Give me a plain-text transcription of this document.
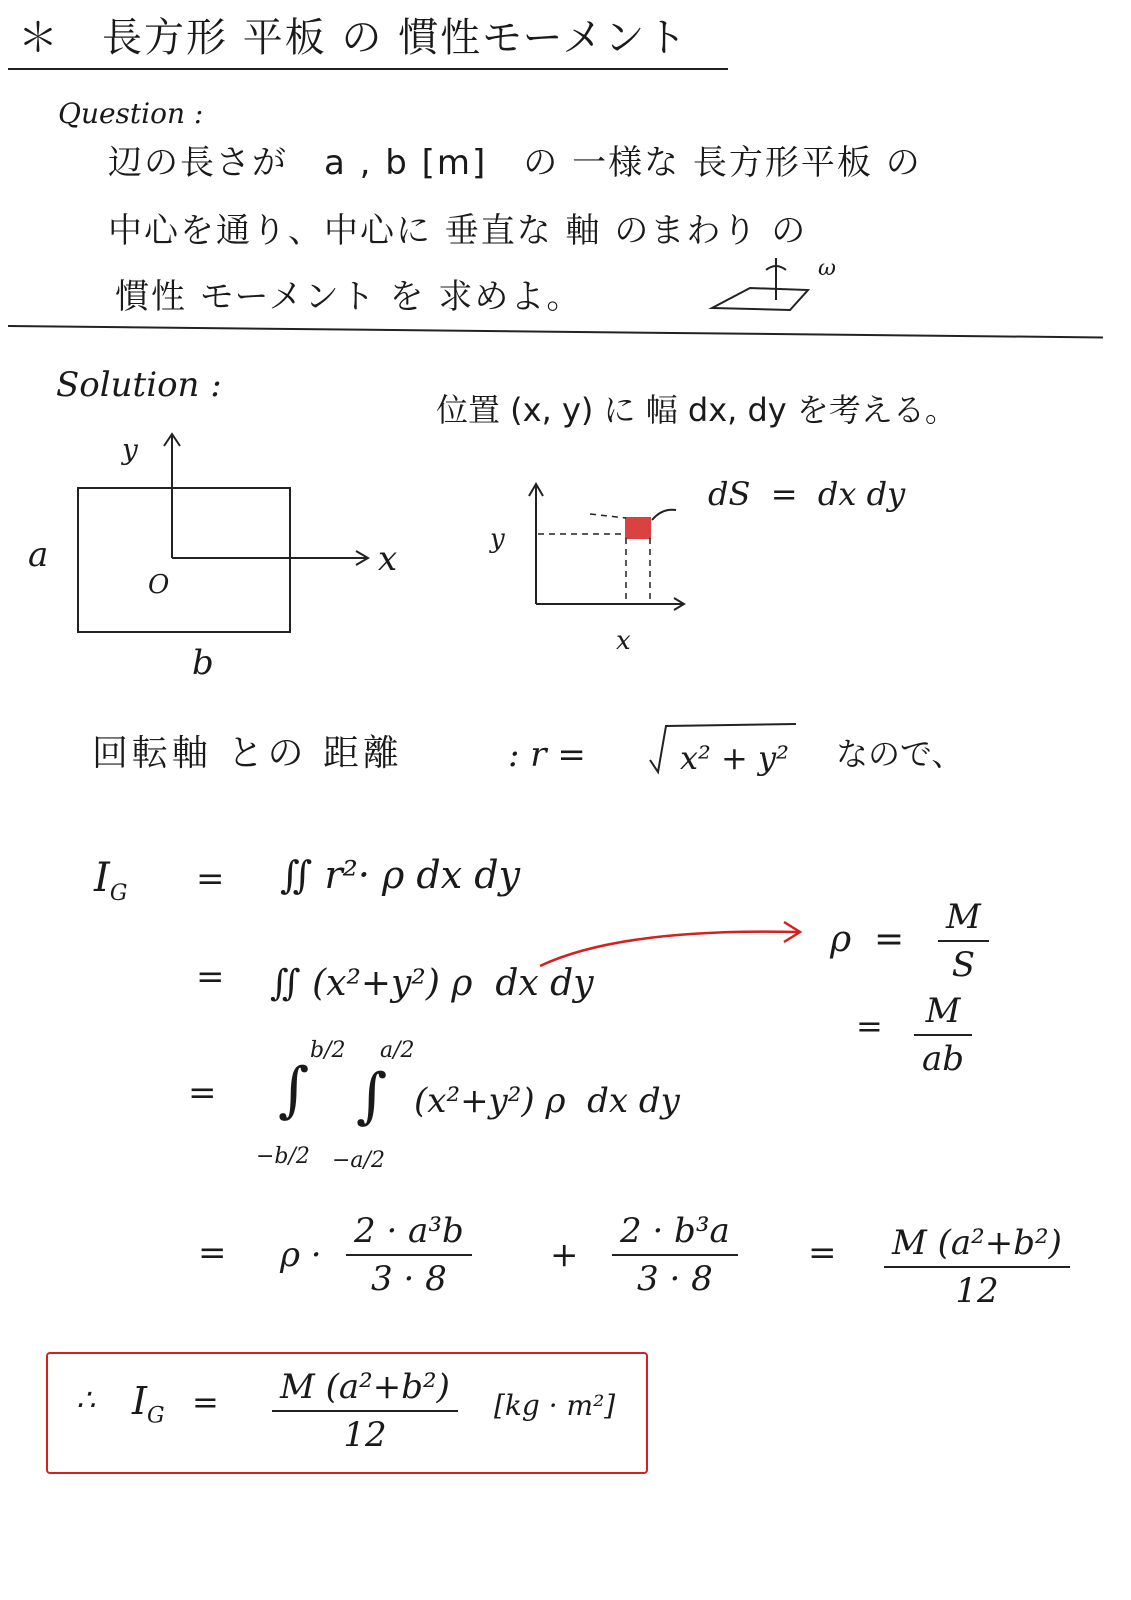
＊　長方形 平板 の 慣性モーメント
Question :
辺の長さが　a , b [m]　の 一様な 長方形平板 の
中心を通り、中心に 垂直な 軸 のまわり の
慣性 モーメント を 求めよ。
ω
Solution :
y
x
O
a
b
位置 (x, y) に 幅 dx, dy を考える。
y
x
dS  =  dx dy
回転軸 との 距離	: r =	x² + y² なので、
$I_G$ = ∬ r²· ρ dx dy
= ∬ (x²+y²) ρ  dx dy
ρ  =
M
S
= M
ab
= ∫
b/2
−b/2
∫
a/2
−a/2
(x²+y²) ρ  dx dy
= ρ ·
2 · a³b
3 · 8
+
2 · b³a
3 · 8
= M (a²+b²)
12
∴ $I_G = M$ (a²+b²)
12
[kg · m²]
